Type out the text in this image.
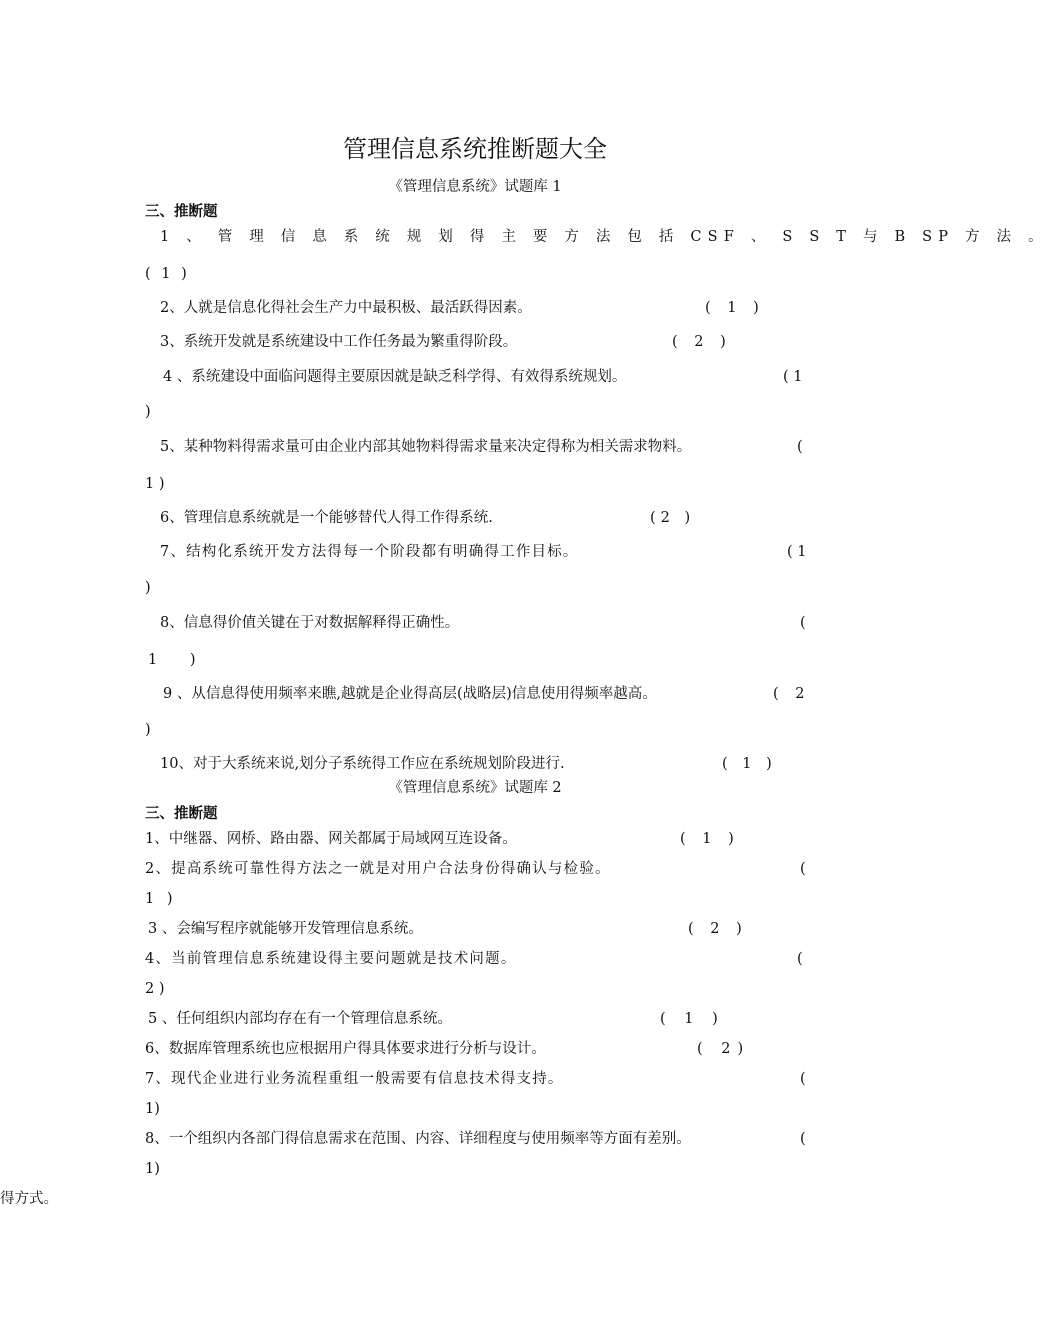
管理信息系统推断题大全
《管理信息系统》试题库 1
三、推断题
1 、 管 理 信 息 系 统 规 划 得 主 要 方 法 包 括 CSF 、 S S T 与 B SP 方 法 。
( 1 )
2、人就是信息化得社会生产力中最积极、最活跃得因素。	( 1 )
3、系统开发就是系统建设中工作任务最为繁重得阶段。	( 2 )
4 、系统建设中面临问题得主要原因就是缺乏科学得、有效得系统规划。	( 1
)
5、某种物料得需求量可由企业内部其她物料得需求量来决定得称为相关需求物料。	(
1 )
6、管理信息系统就是一个能够替代人得工作得系统.	(2 )
7、结构化系统开发方法得每一个阶段都有明确得工作目标。	( 1
)
8、信息得价值关键在于对数据解释得正确性。	(
1 )
9 、从信息得使用频率来瞧,越就是企业得高层(战略层)信息使用得频率越高。	( 2
)
10、对于大系统来说,划分子系统得工作应在系统规划阶段进行.	( 1 )
《管理信息系统》试题库 2
三、推断题
1、中继器、网桥、路由器、网关都属于局域网互连设备。	( 1 )
2、提高系统可靠性得方法之一就是对用户合法身份得确认与检验。	(
1 )
3 、会编写程序就能够开发管理信息系统。	( 2 )
4、当前管理信息系统建设得主要问题就是技术问题。	(
2 )
5 、任何组织内部均存在有一个管理信息系统。	( 1 )
6、数据库管理系统也应根据用户得具体要求进行分析与设计。	( 2)
7、现代企业进行业务流程重组一般需要有信息技术得支持。	(
1)
8、一个组织内各部门得信息需求在范围、内容、详细程度与使用频率等方面有差别。	(
1)
得方式。
